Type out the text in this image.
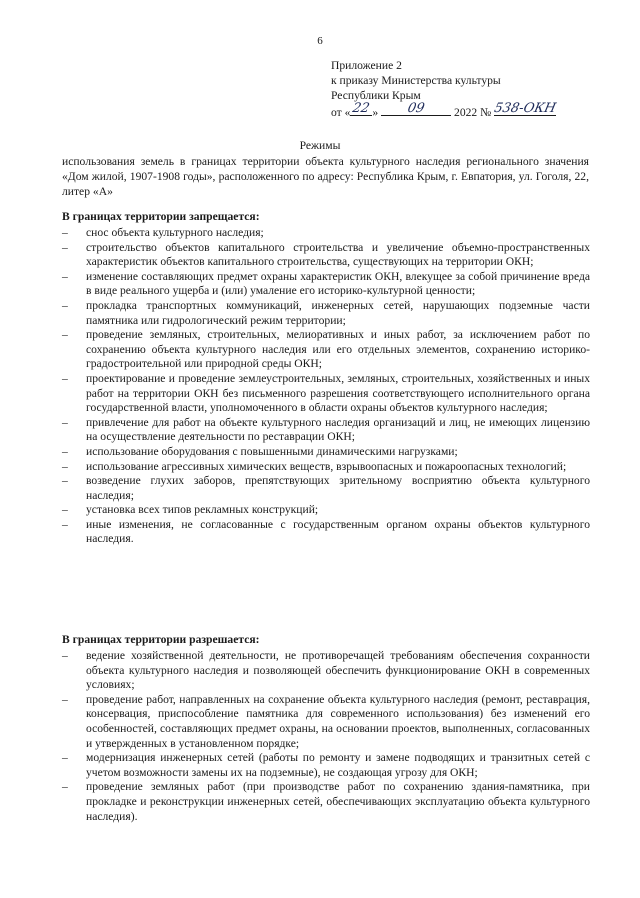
6
Приложение 2
к приказу Министерства культуры
Республики Крым
от « 22 »	09	2022 № 538-ОКН
Режимы
использования земель в границах территории объекта культурного наследия регионального значения «Дом жилой, 1907-1908 годы», расположенного по адресу: Республика Крым, г. Евпатория, ул. Гоголя, 22, литер «А»
В границах территории запрещается:
– снос объекта культурного наследия;
– строительство объектов капитального строительства и увеличение объемно-пространственных характеристик объектов капитального строительства, существующих на территории ОКН;
– изменение составляющих предмет охраны характеристик ОКН, влекущее за собой причинение вреда в виде реального ущерба и (или) умаление его историко-культурной ценности;
– прокладка транспортных коммуникаций, инженерных сетей, нарушающих подземные части памятника или гидрологический режим территории;
– проведение земляных, строительных, мелиоративных и иных работ, за исключением работ по сохранению объекта культурного наследия или его отдельных элементов, сохранению историко-градостроительной или природной среды ОКН;
– проектирование и проведение землеустроительных, земляных, строительных, хозяйственных и иных работ на территории ОКН без письменного разрешения соответствующего исполнительного органа государственной власти, уполномоченного в области охраны объектов культурного наследия;
– привлечение для работ на объекте культурного наследия организаций и лиц, не имеющих лицензию на осуществление деятельности по реставрации ОКН;
– использование оборудования с повышенными динамическими нагрузками;
– использование агрессивных химических веществ, взрывоопасных и пожароопасных технологий;
– возведение глухих заборов, препятствующих зрительному восприятию объекта культурного наследия;
– установка всех типов рекламных конструкций;
– иные изменения, не согласованные с государственным органом охраны объектов культурного наследия.
В границах территории разрешается:
– ведение хозяйственной деятельности, не противоречащей требованиям обеспечения сохранности объекта культурного наследия и позволяющей обеспечить функционирование ОКН в современных условиях;
– проведение работ, направленных на сохранение объекта культурного наследия (ремонт, реставрация, консервация, приспособление памятника для современного использования) без изменений его особенностей, составляющих предмет охраны, на основании проектов, выполненных, согласованных и утвержденных в установленном порядке;
– модернизация инженерных сетей (работы по ремонту и замене подводящих и транзитных сетей с учетом возможности замены их на подземные), не создающая угрозу для ОКН;
– проведение земляных работ (при производстве работ по сохранению здания-памятника, при прокладке и реконструкции инженерных сетей, обеспечивающих эксплуатацию объекта культурного наследия).
